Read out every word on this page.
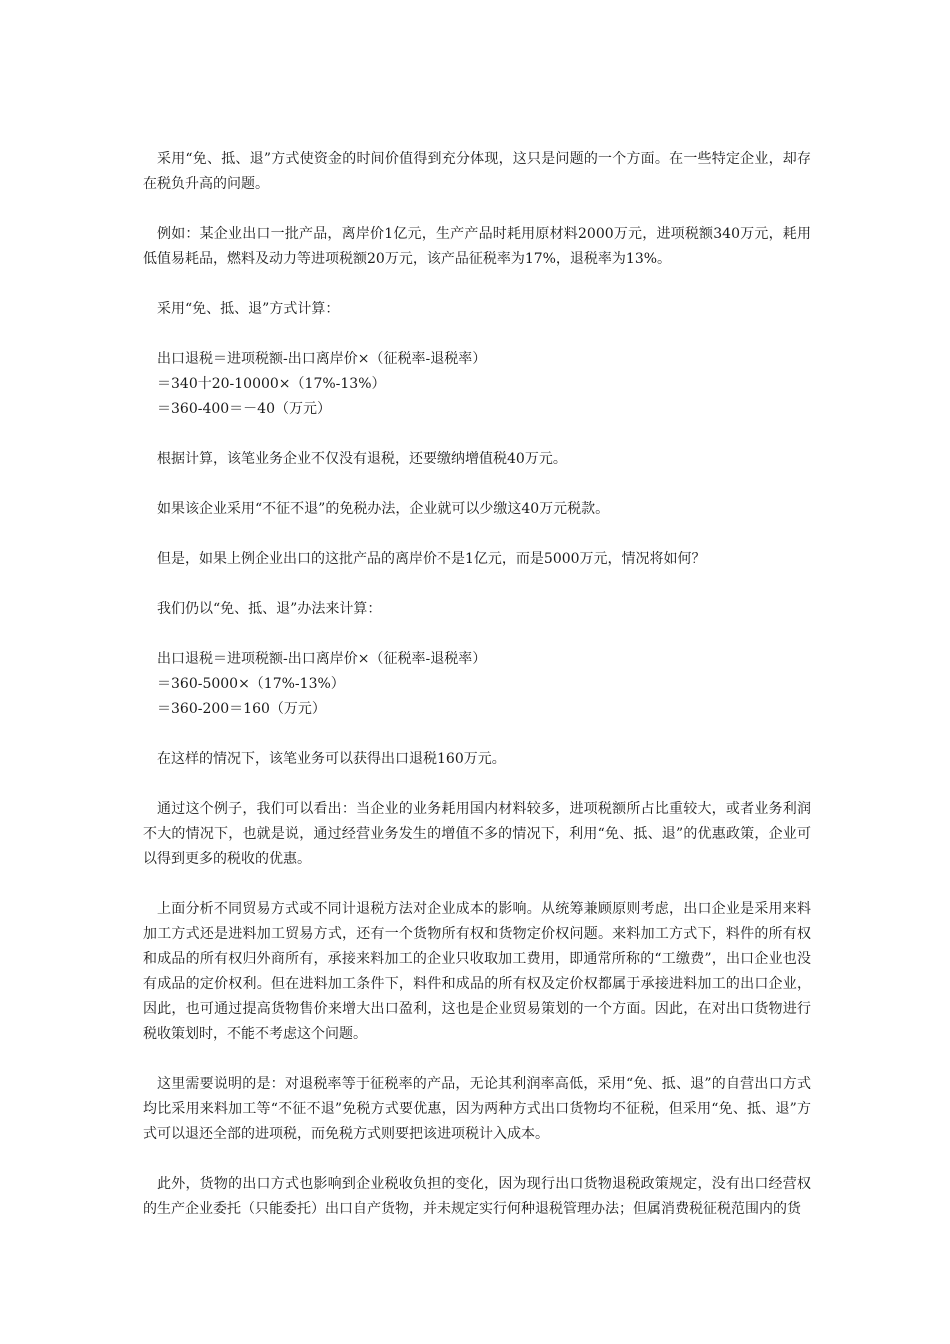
采用“免、抵、退”方式使资金的时间价值得到充分体现，这只是问题的一个方面。在一些特定企业，却存在税负升高的问题。

例如：某企业出口一批产品，离岸价1亿元，生产产品时耗用原材料2000万元，进项税额340万元，耗用低值易耗品，燃料及动力等进项税额20万元，该产品征税率为17%，退税率为13%。

采用“免、抵、退”方式计算：

出口退税＝进项税额-出口离岸价×（征税率-退税率）
＝340十20-10000×（17%-13%）
＝360-400＝－40（万元）

根据计算，该笔业务企业不仅没有退税，还要缴纳增值税40万元。

如果该企业采用“不征不退”的免税办法，企业就可以少缴这40万元税款。

但是，如果上例企业出口的这批产品的离岸价不是1亿元，而是5000万元，情况将如何？

我们仍以“免、抵、退”办法来计算：

出口退税＝进项税额-出口离岸价×（征税率-退税率）
＝360-5000×（17%-13%）
＝360-200＝160（万元）

在这样的情况下，该笔业务可以获得出口退税160万元。

通过这个例子，我们可以看出：当企业的业务耗用国内材料较多，进项税额所占比重较大，或者业务利润不大的情况下，也就是说，通过经营业务发生的增值不多的情况下，利用“免、抵、退”的优惠政策，企业可以得到更多的税收的优惠。

上面分析不同贸易方式或不同计退税方法对企业成本的影响。从统筹兼顾原则考虑，出口企业是采用来料加工方式还是进料加工贸易方式，还有一个货物所有权和货物定价权问题。来料加工方式下，料件的所有权和成品的所有权归外商所有，承接来料加工的企业只收取加工费用，即通常所称的“工缴费”，出口企业也没有成品的定价权利。但在进料加工条件下，料件和成品的所有权及定价权都属于承接进料加工的出口企业，因此，也可通过提高货物售价来增大出口盈利，这也是企业贸易策划的一个方面。因此，在对出口货物进行税收策划时，不能不考虑这个问题。

这里需要说明的是：对退税率等于征税率的产品，无论其利润率高低，采用“免、抵、退”的自营出口方式均比采用来料加工等“不征不退”免税方式要优惠，因为两种方式出口货物均不征税，但采用“免、抵、退”方式可以退还全部的进项税，而免税方式则要把该进项税计入成本。

此外，货物的出口方式也影响到企业税收负担的变化，因为现行出口货物退税政策规定，没有出口经营权的生产企业委托（只能委托）出口自产货物，并未规定实行何种退税管理办法；但属消费税征税范围内的货
